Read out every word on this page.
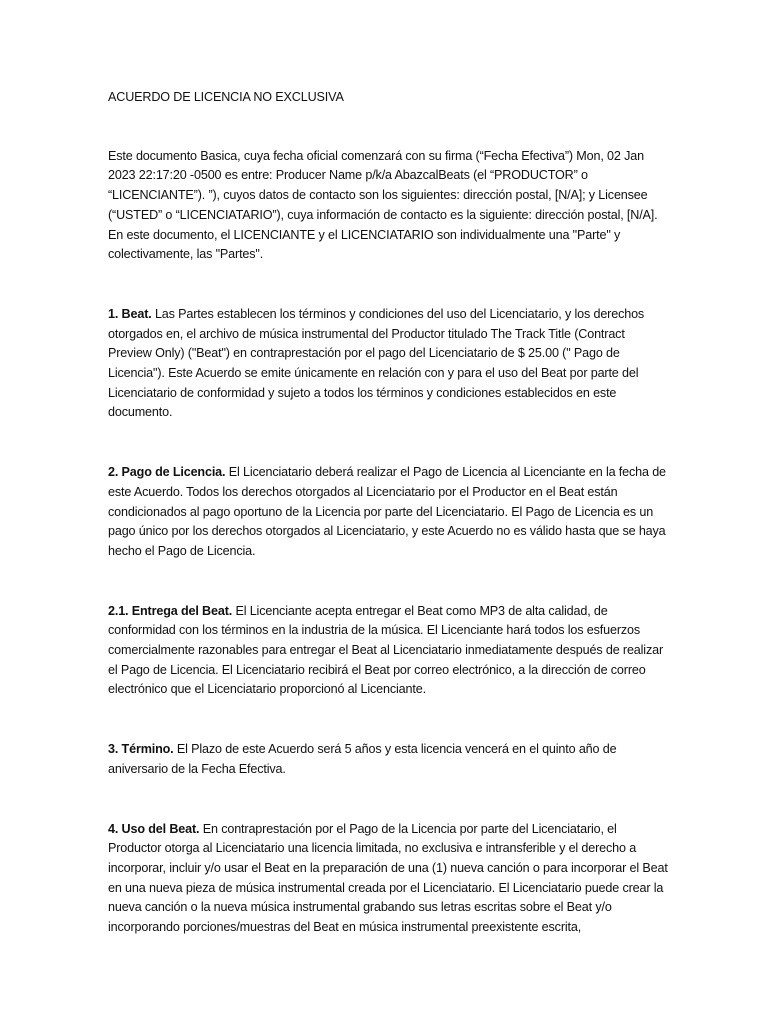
ACUERDO DE LICENCIA NO EXCLUSIVA

Este documento Basica, cuya fecha oficial comenzará con su firma (“Fecha Efectiva”) Mon, 02 Jan 2023 22:17:20 -0500 es entre: Producer Name p/k/a AbazcalBeats (el “PRODUCTOR” o “LICENCIANTE”). ”), cuyos datos de contacto son los siguientes: dirección postal, [N/A]; y Licensee (“USTED” o “LICENCIATARIO”), cuya información de contacto es la siguiente: dirección postal, [N/A]. En este documento, el LICENCIANTE y el LICENCIATARIO son individualmente una "Parte" y colectivamente, las "Partes".

1. Beat. Las Partes establecen los términos y condiciones del uso del Licenciatario, y los derechos otorgados en, el archivo de música instrumental del Productor titulado The Track Title (Contract Preview Only) ("Beat") en contraprestación por el pago del Licenciatario de $ 25.00 (" Pago de Licencia"). Este Acuerdo se emite únicamente en relación con y para el uso del Beat por parte del Licenciatario de conformidad y sujeto a todos los términos y condiciones establecidos en este documento.

2. Pago de Licencia. El Licenciatario deberá realizar el Pago de Licencia al Licenciante en la fecha de este Acuerdo. Todos los derechos otorgados al Licenciatario por el Productor en el Beat están condicionados al pago oportuno de la Licencia por parte del Licenciatario. El Pago de Licencia es un pago único por los derechos otorgados al Licenciatario, y este Acuerdo no es válido hasta que se haya hecho el Pago de Licencia.

2.1. Entrega del Beat. El Licenciante acepta entregar el Beat como MP3 de alta calidad, de conformidad con los términos en la industria de la música. El Licenciante hará todos los esfuerzos comercialmente razonables para entregar el Beat al Licenciatario inmediatamente después de realizar el Pago de Licencia. El Licenciatario recibirá el Beat por correo electrónico, a la dirección de correo electrónico que el Licenciatario proporcionó al Licenciante.

3. Término. El Plazo de este Acuerdo será 5 años y esta licencia vencerá en el quinto año de aniversario de la Fecha Efectiva.

4. Uso del Beat. En contraprestación por el Pago de la Licencia por parte del Licenciatario, el Productor otorga al Licenciatario una licencia limitada, no exclusiva e intransferible y el derecho a incorporar, incluir y/o usar el Beat en la preparación de una (1) nueva canción o para incorporar el Beat en una nueva pieza de música instrumental creada por el Licenciatario. El Licenciatario puede crear la nueva canción o la nueva música instrumental grabando sus letras escritas sobre el Beat y/o incorporando porciones/muestras del Beat en música instrumental preexistente escrita,
